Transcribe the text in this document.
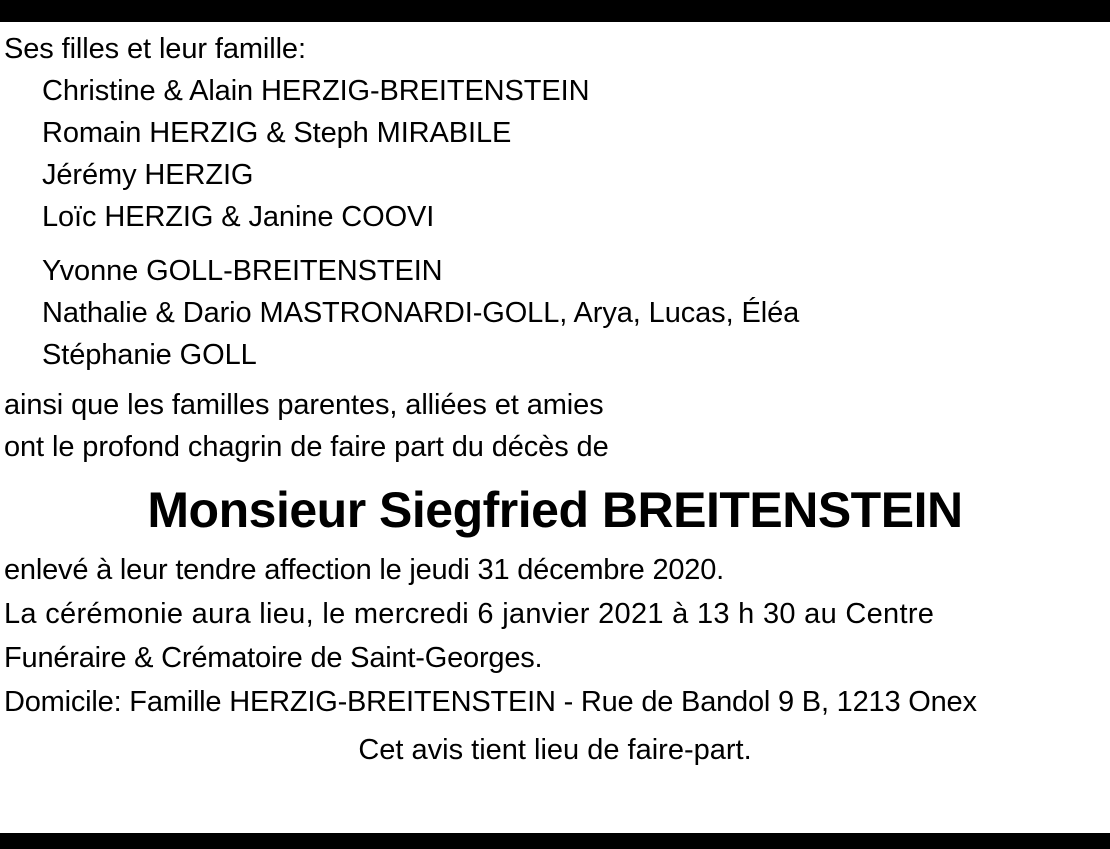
Ses filles et leur famille:
Christine & Alain HERZIG-BREITENSTEIN
Romain HERZIG & Steph MIRABILE
Jérémy HERZIG
Loïc HERZIG & Janine COOVI
Yvonne GOLL-BREITENSTEIN
Nathalie & Dario MASTRONARDI-GOLL, Arya, Lucas, Éléa
Stéphanie GOLL
ainsi que les familles parentes, alliées et amies
ont le profond chagrin de faire part du décès de
Monsieur Siegfried BREITENSTEIN
enlevé à leur tendre affection le jeudi 31 décembre 2020.
La cérémonie aura lieu, le mercredi 6 janvier 2021 à 13 h 30 au Centre
Funéraire & Crématoire de Saint-Georges.
Domicile: Famille HERZIG-BREITENSTEIN - Rue de Bandol 9 B, 1213 Onex
Cet avis tient lieu de faire-part.
